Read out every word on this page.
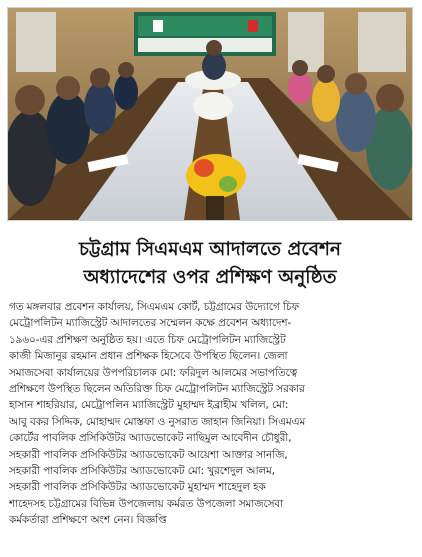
চট্টগ্রাম সিএমএম আদালতে প্রবেশন
অধ্যাদেশের ওপর প্রশিক্ষণ অনুষ্ঠিত
গত মঙ্গলবার প্রবেশন কার্যালয়, সিএমএম কোর্ট, চট্টগ্রামের উদ্যোগে চিফ
মেট্রোপলিটন ম্যাজিস্ট্রেট আদালতের সম্মেলন কক্ষে প্রবেশন অধ্যাদেশ-
১৯৬০-এর প্রশিক্ষণ অনুষ্ঠিত হয়। এতে চিফ মেট্রোপলিটন ম্যাজিস্ট্রেট
কাজী মিজানুর রহমান প্রধান প্রশিক্ষক হিসেবে উপস্থিত ছিলেন। জেলা
সমাজসেবা কার্যালয়ের উপপরিচালক মো: ফরিদুল আলমের সভাপতিত্বে
প্রশিক্ষণে উপস্থিত ছিলেন অতিরিক্ত চিফ মেট্রোপলিটন ম্যাজিস্ট্রেট সরকার
হাসান শাহরিয়ার, মেট্রোপলিন ম্যাজিস্ট্রেট মুহাম্মদ ইব্রাহীম খলিল, মো:
আবু বকর সিদ্দিক, মোহাম্মদ মোস্তফা ও নুসরাত জাহান জিনিয়া। সিএমএম
কোর্টের পাবলিক প্রসিকিউটর অ্যাডভোকেট নাছিমুল আবেদীন চৌধুরী,
সহকারী পাবলিক প্রসিকিউটর অ্যাডভোকেট আয়েশা আক্তার সানজি,
সহকারী পাবলিক প্রসিকিউটর অ্যাডভোকেট মো: খুরশেদুল আলম,
সহকারী পাবলিক প্রসিকিউটর অ্যাডভোকেট মুহাম্মদ শাহেদুল হক
শাহেদসহ চট্টগ্রামের বিভিন্ন উপজেলায় কর্মরত উপজেলা সমাজসেবা
কর্মকর্তারা প্রশিক্ষণে অংশ নেন। বিজ্ঞপ্তি
